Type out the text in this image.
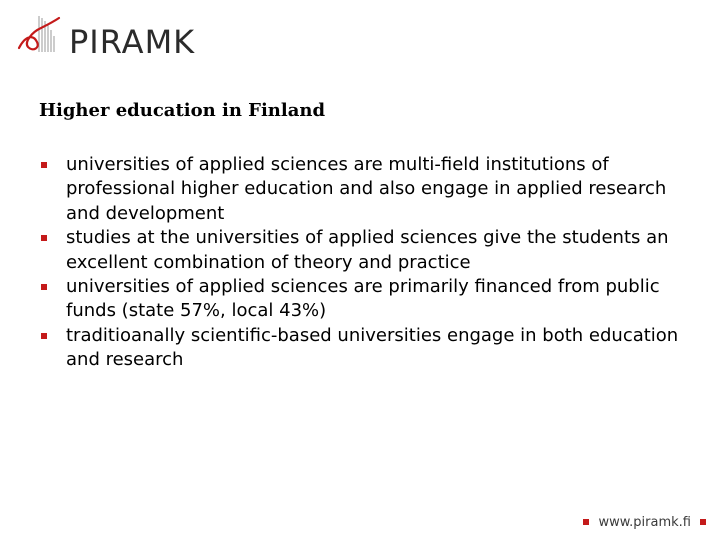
PIRAMK
Higher education in Finland
universities of applied sciences are multi-field institutions of professional higher education and also engage in applied research and development
studies at the universities of applied sciences give the students an excellent combination of theory and practice
universities of applied sciences are primarily financed from public funds (state 57%, local 43%)
traditioanally scientific-based universities engage in both education and research
www.piramk.fi
